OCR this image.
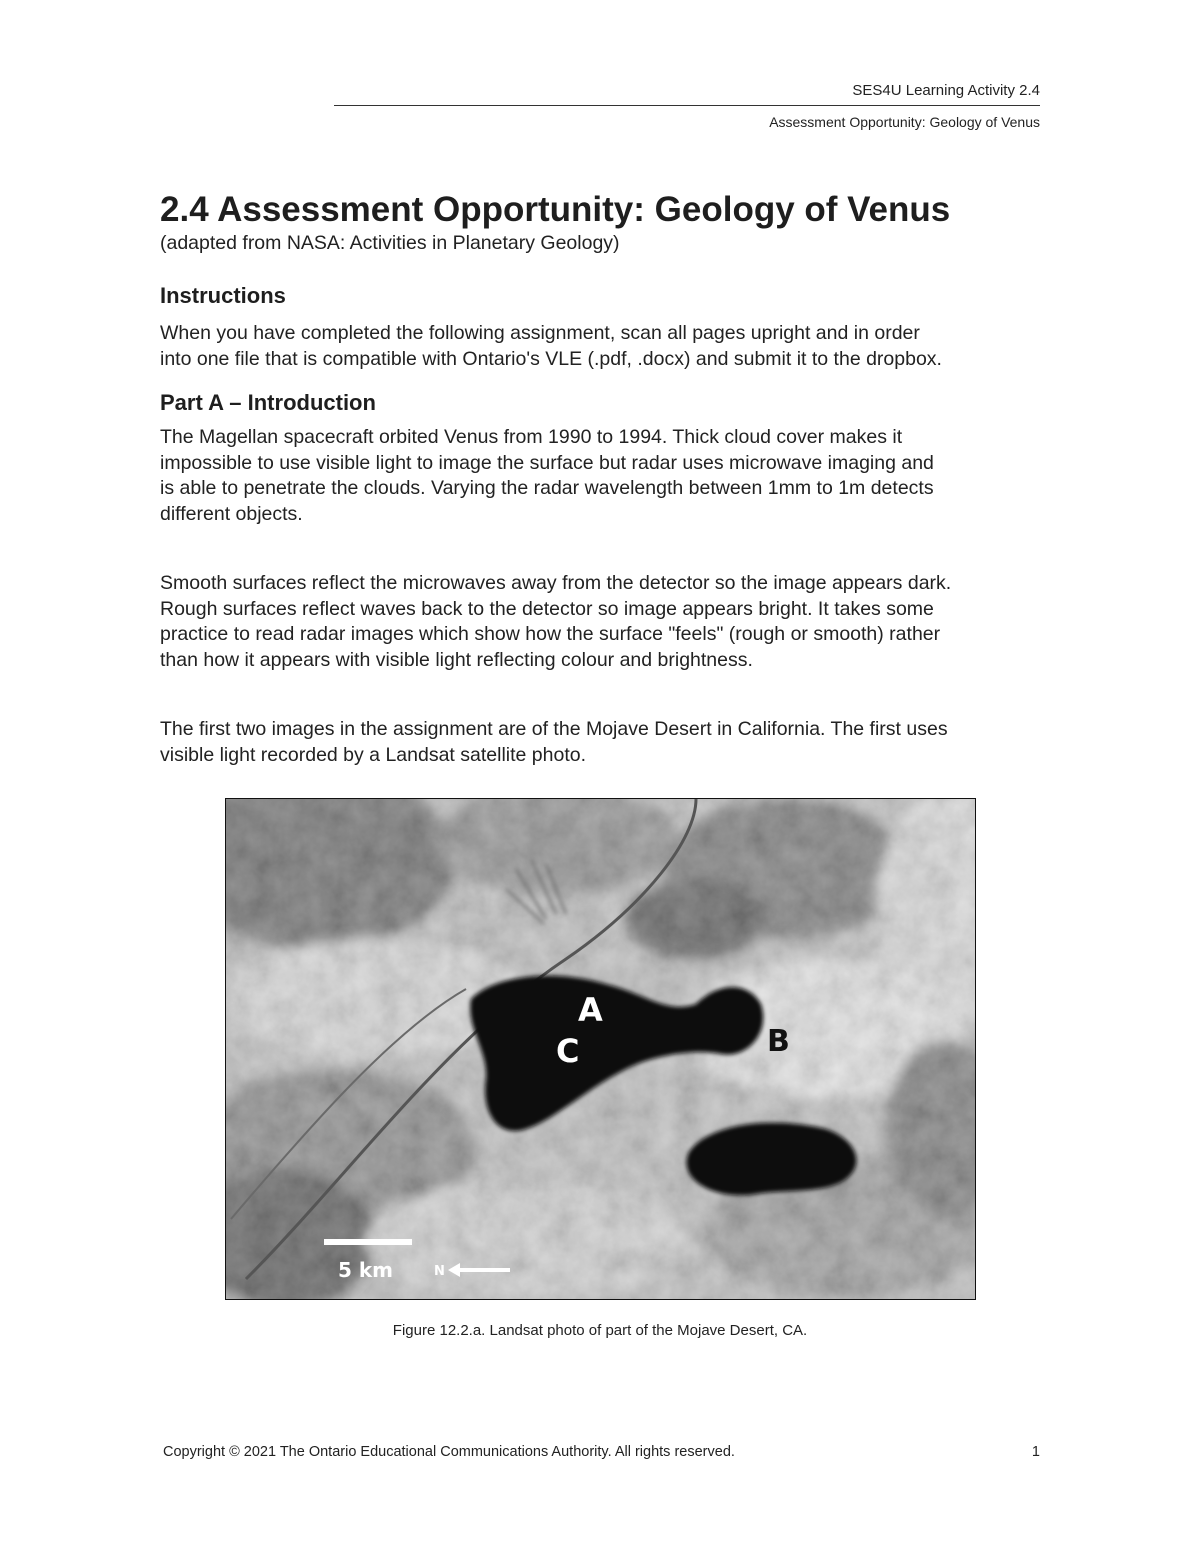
SES4U Learning Activity 2.4
Assessment Opportunity: Geology of Venus
2.4 Assessment Opportunity: Geology of Venus

(adapted from NASA: Activities in Planetary Geology)

Instructions

When you have completed the following assignment, scan all pages upright and in order

into one file that is compatible with Ontario's VLE (.pdf, .docx) and submit it to the dropbox.

Part A – Introduction

The Magellan spacecraft orbited Venus from 1990 to 1994. Thick cloud cover makes it

impossible to use visible light to image the surface but radar uses microwave imaging and

is able to penetrate the clouds. Varying the radar wavelength between 1mm to 1m detects

different objects.

Smooth surfaces reflect the microwaves away from the detector so the image appears dark.

Rough surfaces reflect waves back to the detector so image appears bright. It takes some

practice to read radar images which show how the surface "feels" (rough or smooth) rather

than how it appears with visible light reflecting colour and brightness.

The first two images in the assignment are of the Mojave Desert in California. The first uses

visible light recorded by a Landsat satellite photo.

A
C	B
5 km	N
Figure 12.2.a. Landsat photo of part of the Mojave Desert, CA.
Copyright © 2021 The Ontario Educational Communications Authority. All rights reserved.	1
